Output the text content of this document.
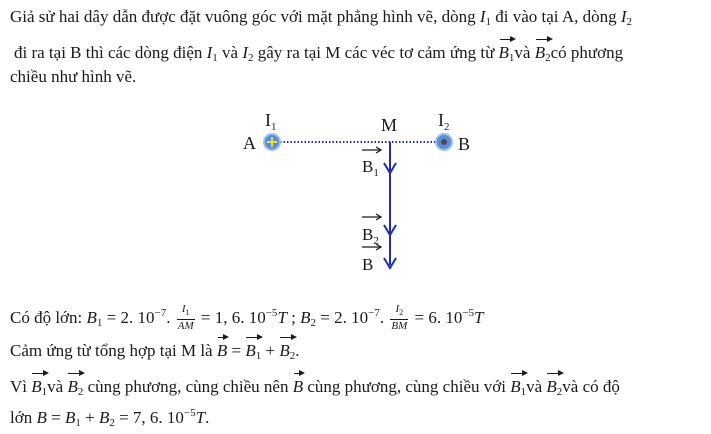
Giả sử hai dây dẫn được đặt vuông góc với mặt phẳng hình vẽ, dòng $I_1$ đi vào tại A, dòng $I_2$
đi ra tại B thì các dòng điện $I_1$ và $I_2$ gây ra tại M các véc tơ cảm ứng từ $B_1và$ $B_2có$ phương
chiều như hình vẽ.
$I_1$	$I_2$
M
A	B
$B_1$
$B_2$
B
Có độ lớn: $B_1 = 2$. $10^{-7}$. $\frac{I_1}{AM} = 1$, 6. $10^{-5}T$ ; $B_2 = 2$. $10^{-7}$. $\frac{I_2}{BM} = 6$. $10^{-5}T$
Cảm ứng từ tổng hợp tại M là $B = B_1 + B_2$.
Vì $B_1và$ $B_2$ cùng phương, cùng chiều nên B cùng phương, cùng chiều với $B_1và$ $B_2và$ có độ
lớn $B = B_1 + B_2 = 7$, 6. $10^{-5}T$.
